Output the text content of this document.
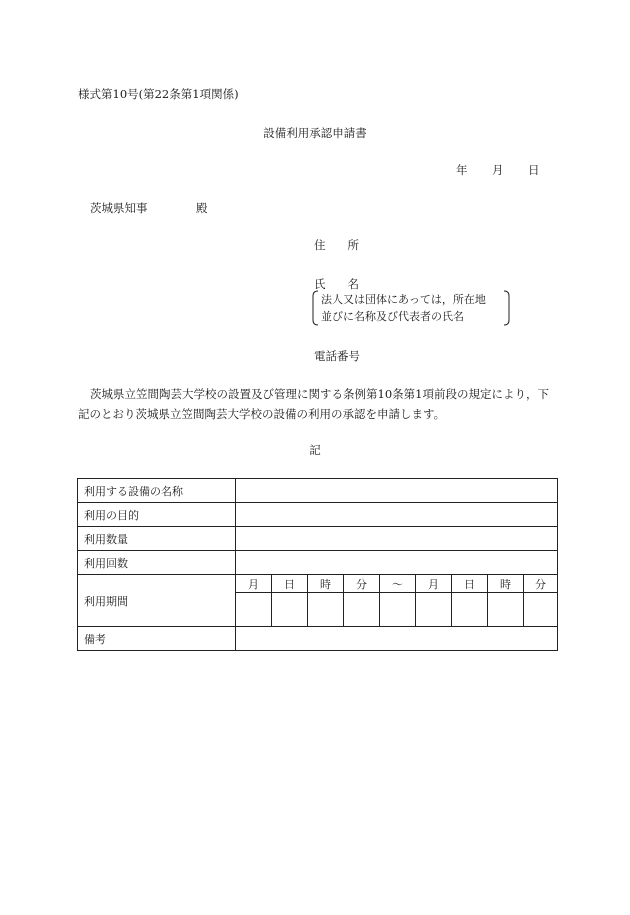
様式第10号(第22条第1項関係)
設備利用承認申請書
年 月 日
茨城県知事	殿
住 所
氏 名
法人又は団体にあっては，所在地
並びに名称及び代表者の氏名
電話番号
茨城県立笠間陶芸大学校の設置及び管理に関する条例第10条第1項前段の規定により，下記のとおり茨城県立笠間陶芸大学校の設備の利用の承認を申請します。
記
利用する設備の名称									
利用の目的									
利用数量									
利用回数									
利用期間	月	日	時	分	～	月	日	時	分

備考									
